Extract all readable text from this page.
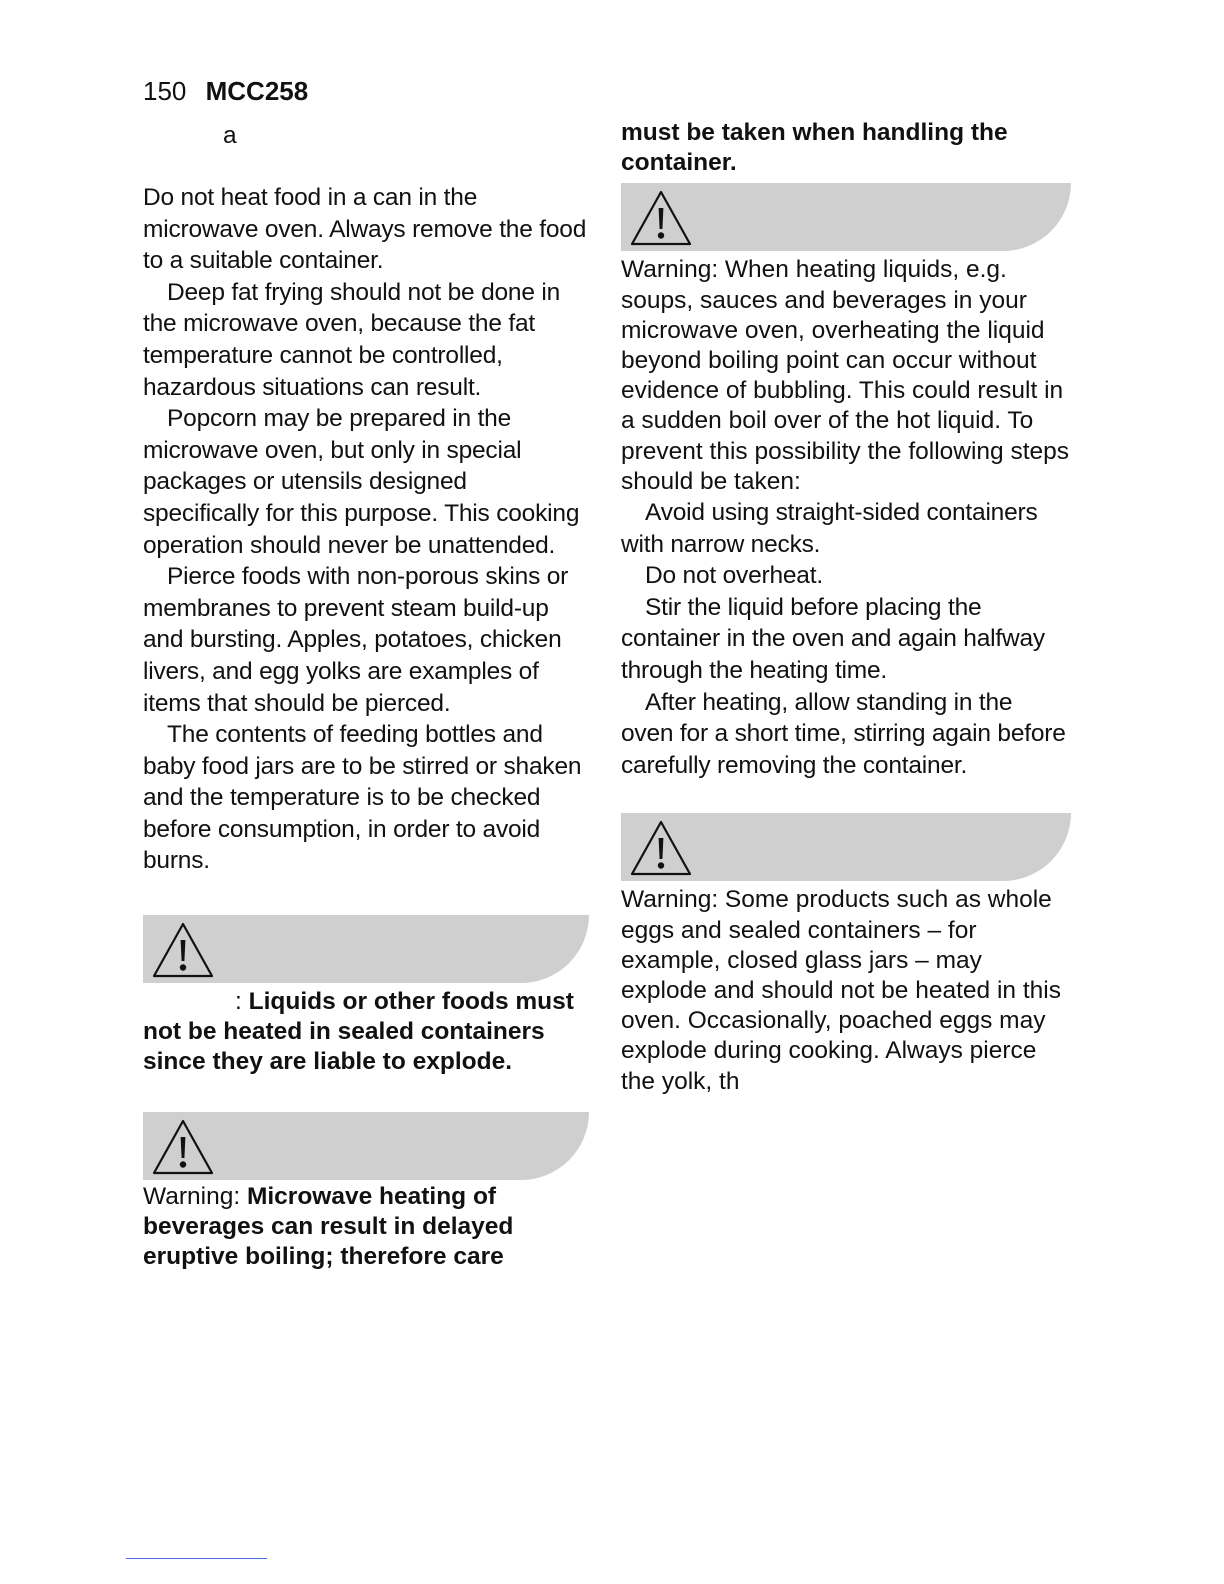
150 MCC258

a

Do not heat food in a can in the microwave oven. Always remove the food to a suitable container.

Deep fat frying should not be done in the microwave oven, because the fat temperature cannot be controlled, hazardous situations can result.

Popcorn may be prepared in the microwave oven, but only in special packages or utensils designed specifically for this purpose. This cooking operation should never be unattended.

Pierce foods with non-porous skins or membranes to prevent steam build-up and bursting. Apples, potatoes, chicken livers, and egg yolks are examples of items that should be pierced.

The contents of feeding bottles and baby food jars are to be stirred or shaken and the temperature is to be checked before consumption, in order to avoid burns.

: Liquids or other foods must not be heated in sealed containers since they are liable to explode.

Warning: Microwave heating of beverages can result in delayed eruptive boiling; therefore care

must be taken when handling the container.

Warning: When heating liquids, e.g. soups, sauces and beverages in your microwave oven, overheating the liquid beyond boiling point can occur without evidence of bubbling. This could result in a sudden boil over of the hot liquid. To prevent this possibility the following steps should be taken:

Avoid using straight-sided containers with narrow necks.

Do not overheat.

Stir the liquid before placing the container in the oven and again halfway through the heating time.

After heating, allow standing in the oven for a short time, stirring again before carefully removing the container.

Warning: Some products such as whole eggs and sealed containers – for example, closed glass jars – may explode and should not be heated in this oven. Occasionally, poached eggs may explode during cooking. Always pierce the yolk, th
